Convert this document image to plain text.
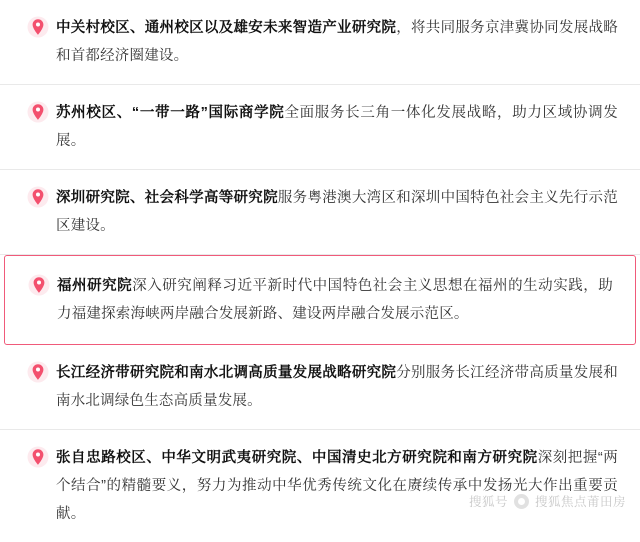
中关村校区、通州校区以及雄安未来智造产业研究院，将共同服务京津冀协同发展战略和首都经济圈建设。
苏州校区、“一带一路”国际商学院全面服务长三角一体化发展战略，助力区域协调发展。
深圳研究院、社会科学高等研究院服务粤港澳大湾区和深圳中国特色社会主义先行示范区建设。
福州研究院深入研究阐释习近平新时代中国特色社会主义思想在福州的生动实践，助力福建探索海峡两岸融合发展新路、建设两岸融合发展示范区。
长江经济带研究院和南水北调高质量发展战略研究院分别服务长江经济带高质量发展和南水北调绿色生态高质量发展。
张自忠路校区、中华文明武夷研究院、中国清史北方研究院和南方研究院深刻把握“两个结合”的精髓要义，努力为推动中华优秀传统文化在赓续传承中发扬光大作出重要贡献。
搜狐号 搜狐焦点莆田房
